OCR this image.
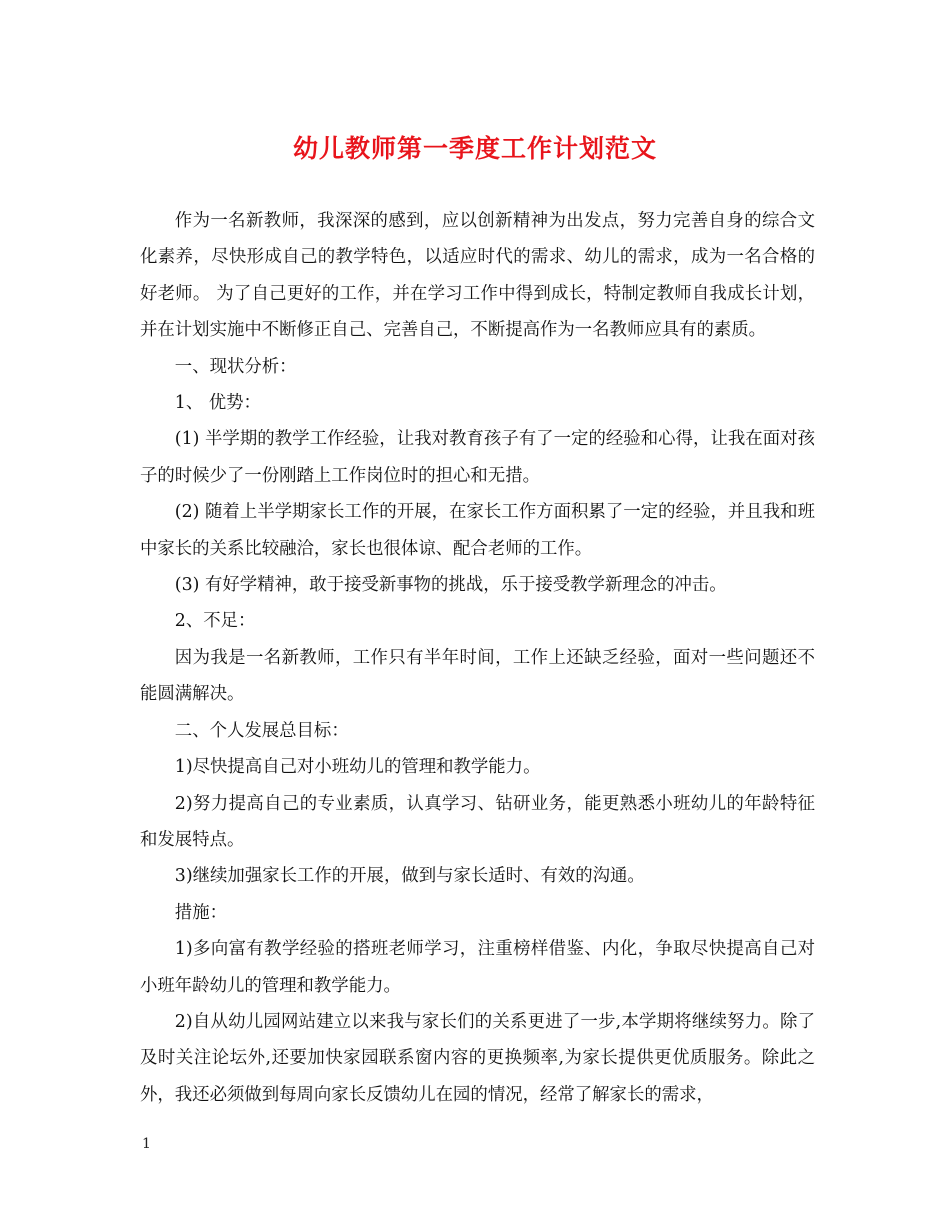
幼儿教师第一季度工作计划范文

作为一名新教师，我深深的感到，应以创新精神为出发点，努力完善自身的综合文化素养，尽快形成自己的教学特色，以适应时代的需求、幼儿的需求，成为一名合格的好老师。 为了自己更好的工作，并在学习工作中得到成长，特制定教师自我成长计划，并在计划实施中不断修正自己、完善自己，不断提高作为一名教师应具有的素质。

一、现状分析：

1、 优势：

(1) 半学期的教学工作经验，让我对教育孩子有了一定的经验和心得，让我在面对孩子的时候少了一份刚踏上工作岗位时的担心和无措。

(2) 随着上半学期家长工作的开展，在家长工作方面积累了一定的经验，并且我和班中家长的关系比较融洽，家长也很体谅、配合老师的工作。

(3) 有好学精神，敢于接受新事物的挑战，乐于接受教学新理念的冲击。

2、不足：

因为我是一名新教师，工作只有半年时间，工作上还缺乏经验，面对一些问题还不能圆满解决。

二、个人发展总目标：

1)尽快提高自己对小班幼儿的管理和教学能力。

2)努力提高自己的专业素质，认真学习、钻研业务，能更熟悉小班幼儿的年龄特征和发展特点。

3)继续加强家长工作的开展，做到与家长适时、有效的沟通。

措施：

1)多向富有教学经验的搭班老师学习，注重榜样借鉴、内化，争取尽快提高自己对小班年龄幼儿的管理和教学能力。

2)自从幼儿园网站建立以来我与家长们的关系更进了一步,本学期将继续努力。除了及时关注论坛外,还要加快家园联系窗内容的更换频率,为家长提供更优质服务。除此之外，我还必须做到每周向家长反馈幼儿在园的情况，经常了解家长的需求，

1
